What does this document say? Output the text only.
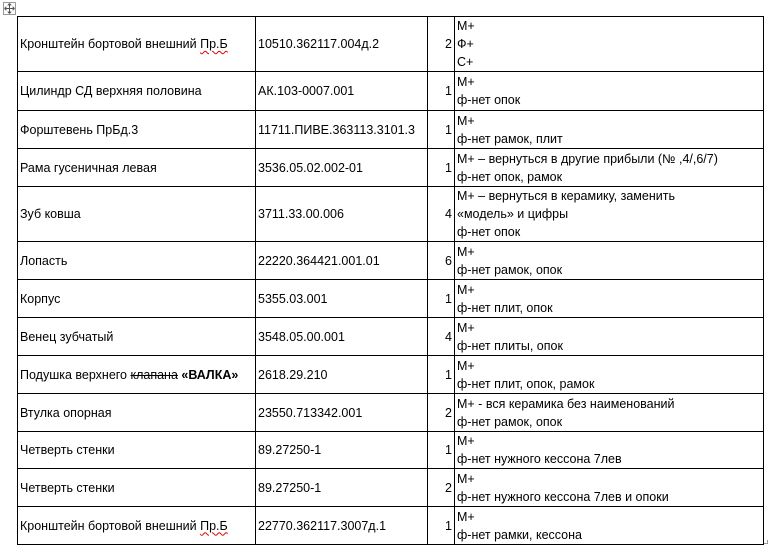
Кронштейн бортовой внешний Пр.Б	10510.362117.004д.2	2	М+
Ф+
С+

Цилиндр СД верхняя половина	АК.103-0007.001	1	М+
ф-нет опок

Форштевень ПрБд.3	11711.ПИВЕ.363113.3101.3	1	М+
ф-нет рамок, плит

Рама гусеничная левая	3536.05.02.002-01	1	М+ – вернуться в другие прибыли (№ ,4/,6/7)
ф-нет опок, рамок

Зуб ковша	3711.33.00.006	4	М+ – вернуться в керамику, заменить
«модель» и цифры
ф-нет опок

Лопасть	22220.364421.001.01	6	М+
ф-нет рамок, опок

Корпус	5355.03.001	1	М+
ф-нет плит, опок

Венец зубчатый	3548.05.00.001	4	М+
ф-нет плиты, опок

Подушка верхнего клапана «ВАЛКА»	2618.29.210	1	М+
ф-нет плит, опок, рамок

Втулка опорная	23550.713342.001	2	М+ - вся керамика без наименований
ф-нет рамок, опок

Четверть стенки	89.27250-1	1	М+
ф-нет нужного кессона 7лев

Четверть стенки	89.27250-1	2	М+
ф-нет нужного кессона 7лев и опоки

Кронштейн бортовой внешний Пр.Б	22770.362117.3007д.1	1	М+
ф-нет рамки, кессона
